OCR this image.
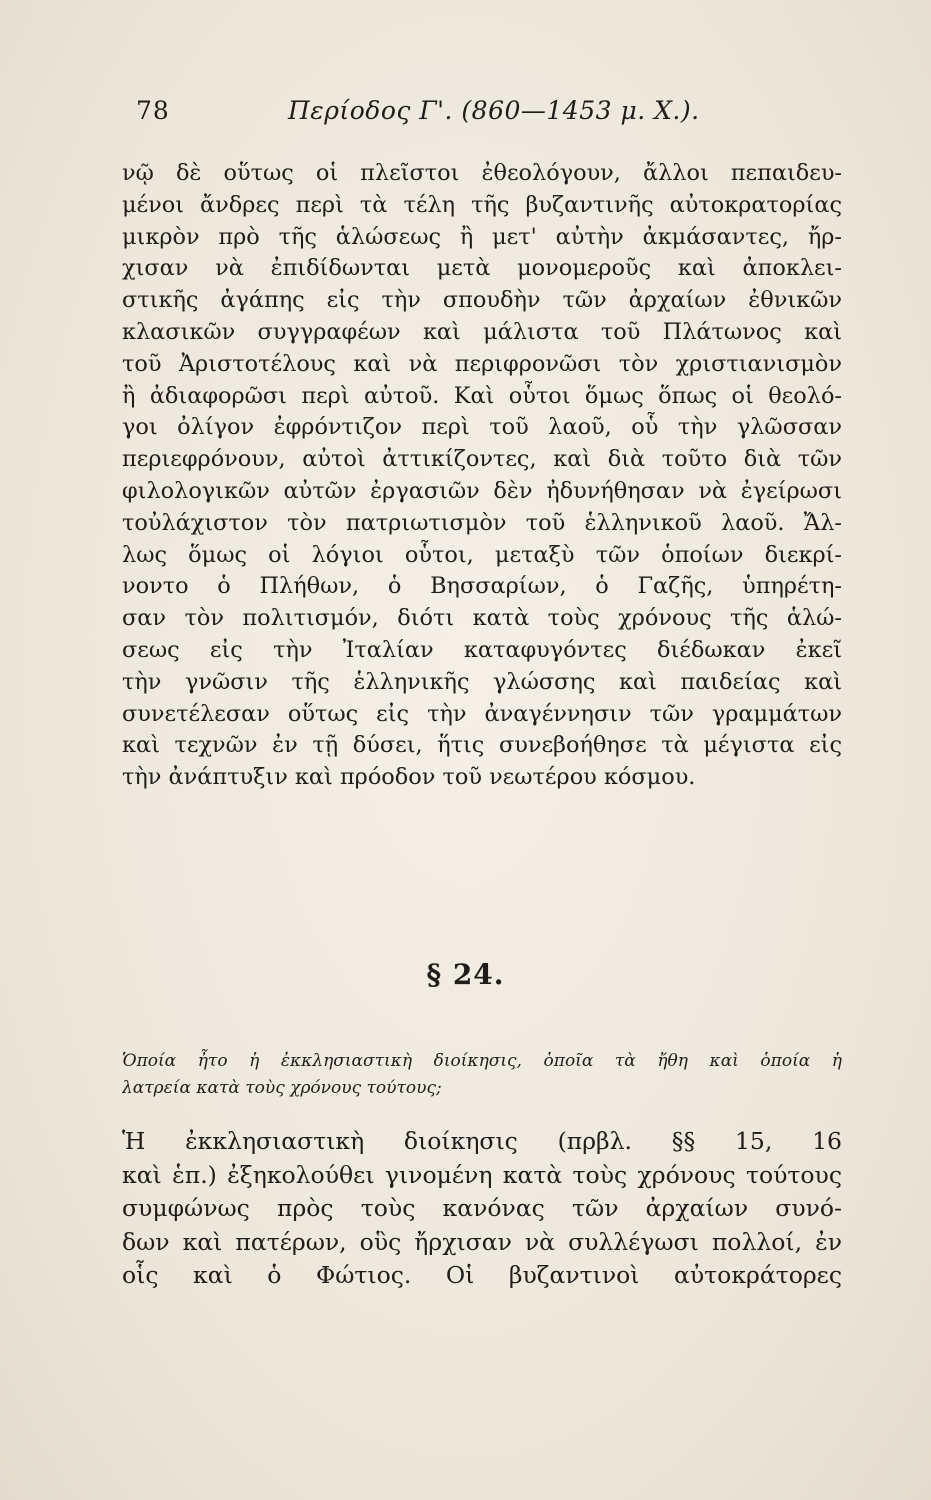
78	Περίοδος Γ'. (860—1453 μ. Χ.).
νῷ δὲ οὕτως οἱ πλεῖστοι ἐθεολόγουν, ἄλλοι πεπαιδευ-
μένοι ἄνδρες περὶ τὰ τέλη τῆς βυζαντινῆς αὐτοκρατορίας
μικρὸν πρὸ τῆς ἁλώσεως ἢ μετ' αὐτὴν ἀκμάσαντες, ἤρ-
χισαν νὰ ἐπιδίδωνται μετὰ μονομεροῦς καὶ ἀποκλει-
στικῆς ἀγάπης εἰς τὴν σπουδὴν τῶν ἀρχαίων ἐθνικῶν
κλασικῶν συγγραφέων καὶ μάλιστα τοῦ Πλάτωνος καὶ
τοῦ Ἀριστοτέλους καὶ νὰ περιφρονῶσι τὸν χριστιανισμὸν
ἢ ἀδιαφορῶσι περὶ αὐτοῦ. Καὶ οὗτοι ὅμως ὅπως οἱ θεολό-
γοι ὀλίγον ἐφρόντιζον περὶ τοῦ λαοῦ, οὗ τὴν γλῶσσαν
περιεφρόνουν, αὐτοὶ ἀττικίζοντες, καὶ διὰ τοῦτο διὰ τῶν
φιλολογικῶν αὐτῶν ἐργασιῶν δὲν ἠδυνήθησαν νὰ ἐγείρωσι
τοὐλάχιστον τὸν πατριωτισμὸν τοῦ ἑλληνικοῦ λαοῦ. Ἄλ-
λως ὅμως οἱ λόγιοι οὗτοι, μεταξὺ τῶν ὁποίων διεκρί-
νοντο ὁ Πλήθων, ὁ Βησσαρίων, ὁ Γαζῆς, ὑπηρέτη-
σαν τὸν πολιτισμόν, διότι κατὰ τοὺς χρόνους τῆς ἁλώ-
σεως εἰς τὴν Ἰταλίαν καταφυγόντες διέδωκαν ἐκεῖ
τὴν γνῶσιν τῆς ἑλληνικῆς γλώσσης καὶ παιδείας καὶ
συνετέλεσαν οὕτως εἰς τὴν ἀναγέννησιν τῶν γραμμάτων
καὶ τεχνῶν ἐν τῇ δύσει, ἥτις συνεβοήθησε τὰ μέγιστα εἰς
τὴν ἀνάπτυξιν καὶ πρόοδον τοῦ νεωτέρου κόσμου.
§ 24.
Ὁποία ἦτο ἡ ἐκκλησιαστικὴ διοίκησις, ὁποῖα τὰ ἤθη καὶ ὁποία ἡ
λατρεία κατὰ τοὺς χρόνους τούτους;
Ἡ ἐκκλησιαστικὴ διοίκησις (πρβλ. §§ 15, 16
καὶ ἑπ.) ἐξηκολούθει γινομένη κατὰ τοὺς χρόνους τούτους
συμφώνως πρὸς τοὺς κανόνας τῶν ἀρχαίων συνό-
δων καὶ πατέρων, οὓς ἤρχισαν νὰ συλλέγωσι πολλοί, ἐν
οἷς καὶ ὁ Φώτιος. Οἱ βυζαντινοὶ αὐτοκράτορες
